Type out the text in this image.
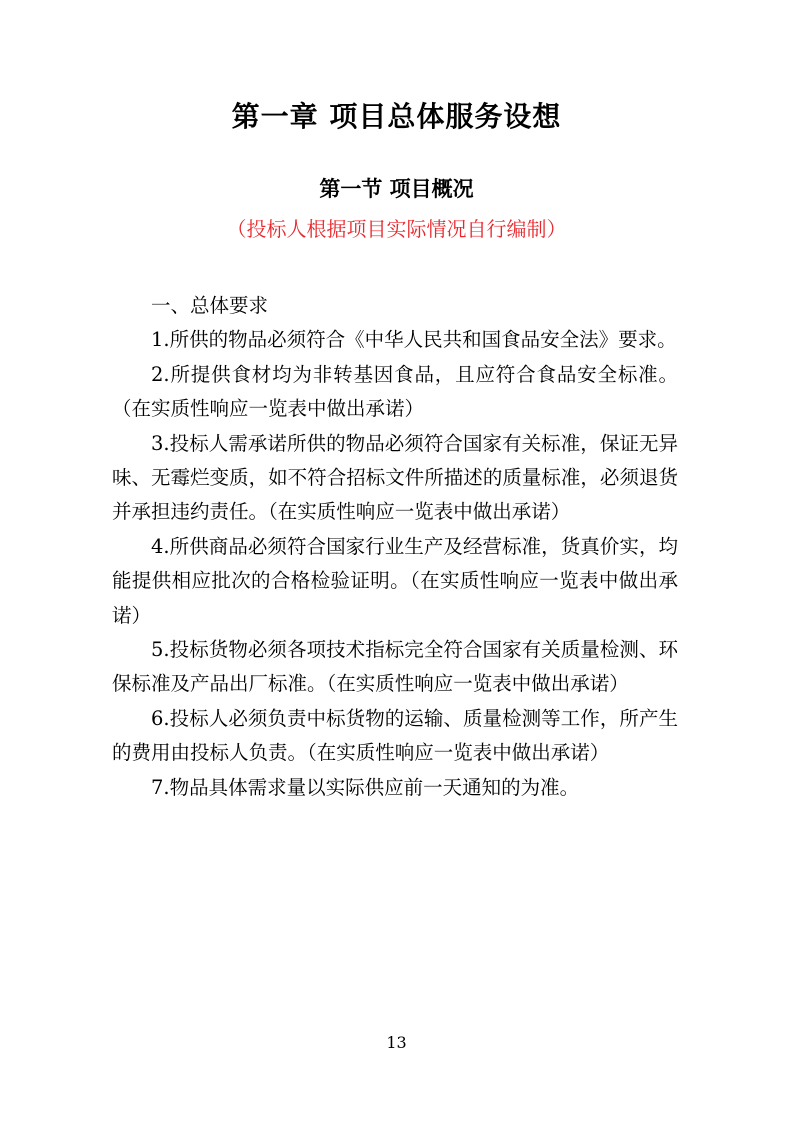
第一章 项目总体服务设想
第一节 项目概况
（投标人根据项目实际情况自行编制）

一、总体要求

1.所供的物品必须符合《中华人民共和国食品安全法》要求。

2.所提供食材均为非转基因食品，且应符合食品安全标准。（在实质性响应一览表中做出承诺）

3.投标人需承诺所供的物品必须符合国家有关标准，保证无异味、无霉烂变质，如不符合招标文件所描述的质量标准，必须退货并承担违约责任。（在实质性响应一览表中做出承诺）

4.所供商品必须符合国家行业生产及经营标准，货真价实，均能提供相应批次的合格检验证明。（在实质性响应一览表中做出承诺）

5.投标货物必须各项技术指标完全符合国家有关质量检测、环保标准及产品出厂标准。（在实质性响应一览表中做出承诺）

6.投标人必须负责中标货物的运输、质量检测等工作，所产生的费用由投标人负责。（在实质性响应一览表中做出承诺）

7.物品具体需求量以实际供应前一天通知的为准。

13
